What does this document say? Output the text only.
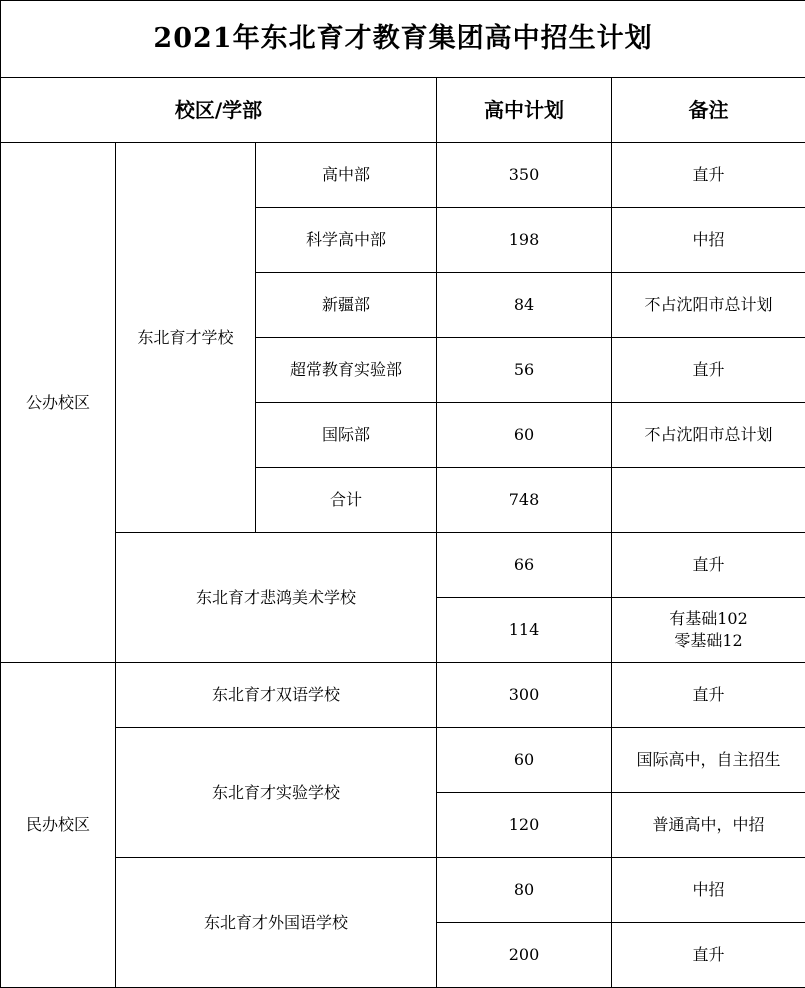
2021年东北育才教育集团高中招生计划				
校区/学部			高中计划	备注
公办校区	东北育才学校	高中部	350	直升
		科学高中部	198	中招
		新疆部	84	不占沈阳市总计划
		超常教育实验部	56	直升
		国际部	60	不占沈阳市总计划
		合计	748	
	东北育才悲鸿美术学校		66	直升
			114	有基础102
零基础12

民办校区	东北育才双语学校		300	直升
	东北育才实验学校		60	国际高中，自主招生
			120	普通高中，中招
	东北育才外国语学校		80	中招
			200	直升
